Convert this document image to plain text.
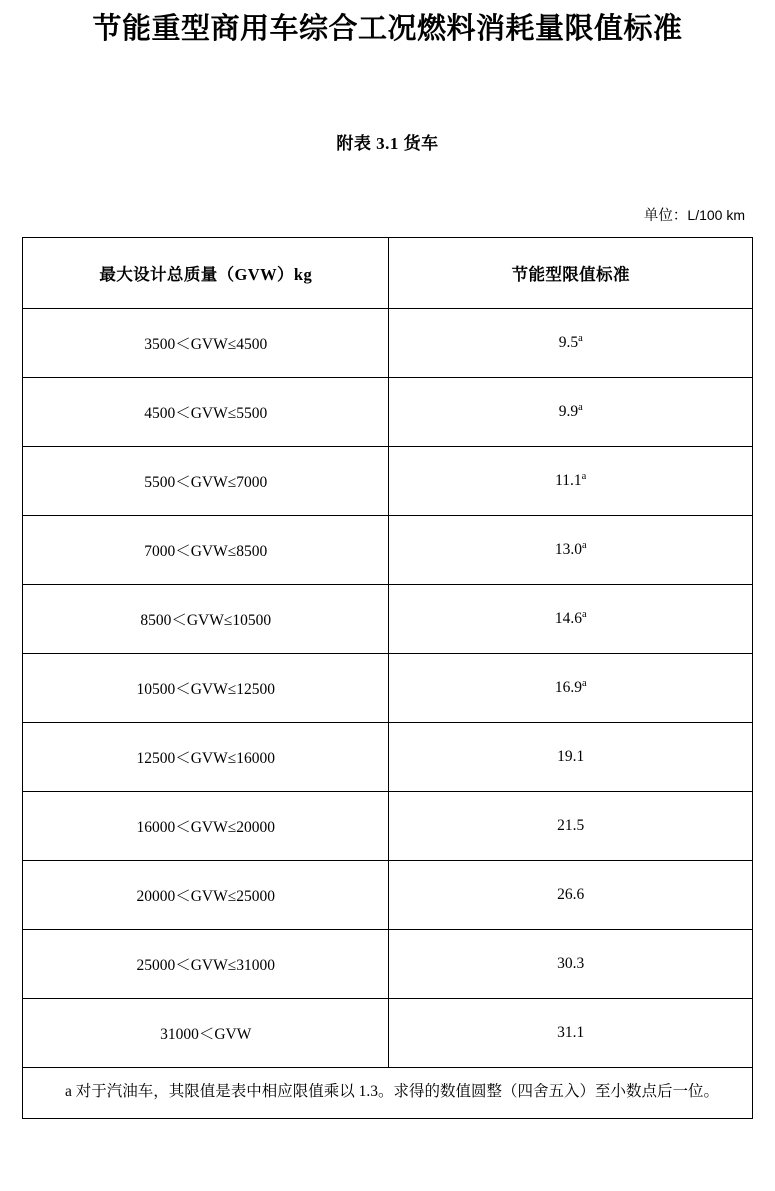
节能重型商用车综合工况燃料消耗量限值标准
附表 3.1 货车
单位：L/100 km
最大设计总质量（GVW）kg	节能型限值标准
3500＜GVW≤4500	9.5$^a$
4500＜GVW≤5500	9.9$^a$
5500＜GVW≤7000	11.1$^a$
7000＜GVW≤8500	13.0$^a$
8500＜GVW≤10500	14.6$^a$
10500＜GVW≤12500	16.9$^a$
12500＜GVW≤16000	19.1
16000＜GVW≤20000	21.5
20000＜GVW≤25000	26.6
25000＜GVW≤31000	30.3
31000＜GVW	31.1
a 对于汽油车，其限值是表中相应限值乘以 1.3。求得的数值圆整（四舍五入）至小数点后一位。	
